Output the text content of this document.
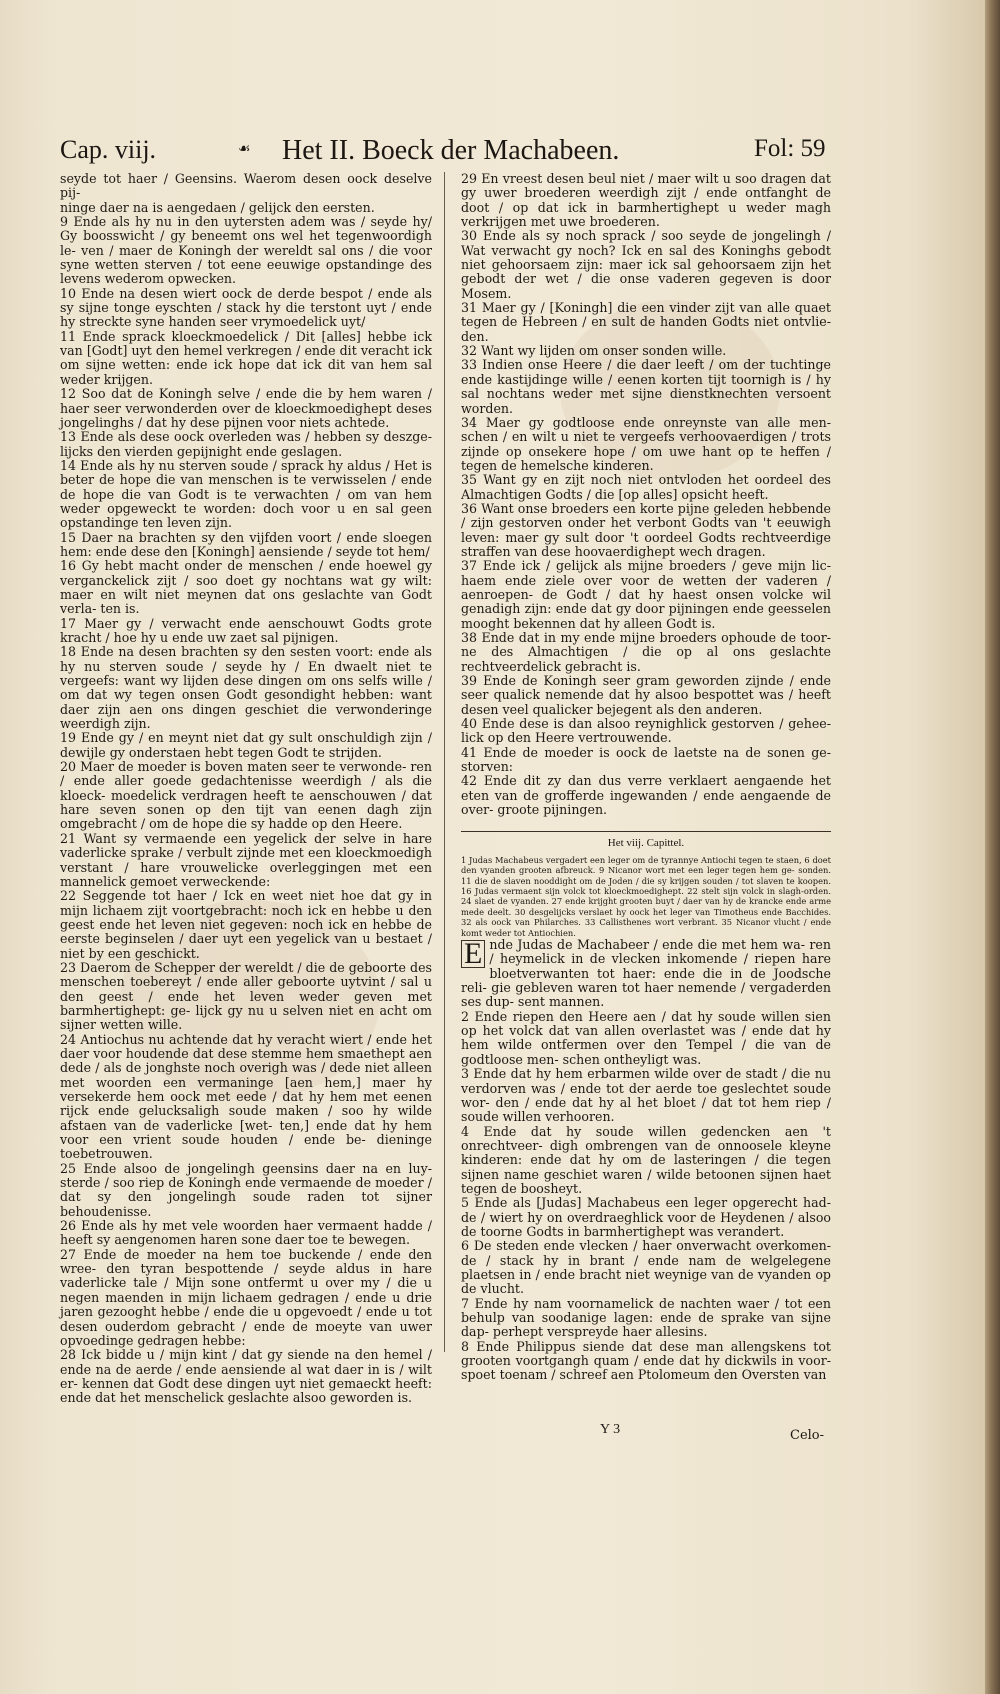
Cap. viij.	☙ Het II. Boeck der Machabeen.	Fol: 59

seyde tot haer / Geensins. Waerom desen oock deselve pij-

ninge daer na is aengedaen / gelijck den eersten.

9 Ende als hy nu in den uytersten adem was / seyde hy/ Gy boosswicht / gy beneemt ons wel het tegenwoordigh le- ven / maer de Koningh der wereldt sal ons / die voor syne wetten sterven / tot eene eeuwige opstandinge des levens wederom opwecken.

10 Ende na desen wiert oock de derde bespot / ende als sy sijne tonge eyschten / stack hy die terstont uyt / ende hy streckte syne handen seer vrymoedelick uyt/

11 Ende sprack kloeckmoedelick / Dit [alles] hebbe ick van [Godt] uyt den hemel verkregen / ende dit veracht ick om sijne wetten: ende ick hope dat ick dit van hem sal weder krijgen.

12 Soo dat de Koningh selve / ende die by hem waren / haer seer verwonderden over de kloeckmoedighept deses jongelinghs / dat hy dese pijnen voor niets achtede.

13 Ende als dese oock overleden was / hebben sy deszge- lijcks den vierden gepijnight ende geslagen.

14 Ende als hy nu sterven soude / sprack hy aldus / Het is beter de hope die van menschen is te verwisselen / ende de hope die van Godt is te verwachten / om van hem weder opgeweckt te worden: doch voor u en sal geen opstandinge ten leven zijn.

15 Daer na brachten sy den vijfden voort / ende sloegen hem: ende dese den [Koningh] aensiende / seyde tot hem/

16 Gy hebt macht onder de menschen / ende hoewel gy verganckelick zijt / soo doet gy nochtans wat gy wilt: maer en wilt niet meynen dat ons geslachte van Godt verla- ten is.

17 Maer gy / verwacht ende aenschouwt Godts grote kracht / hoe hy u ende uw zaet sal pijnigen.

18 Ende na desen brachten sy den sesten voort: ende als hy nu sterven soude / seyde hy / En dwaelt niet te vergeefs: want wy lijden dese dingen om ons selfs wille / om dat wy tegen onsen Godt gesondight hebben: want daer zijn aen ons dingen geschiet die verwonderinge weerdigh zijn.

19 Ende gy / en meynt niet dat gy sult onschuldigh zijn / dewijle gy onderstaen hebt tegen Godt te strijden.

20 Maer de moeder is boven maten seer te verwonde- ren / ende aller goede gedachtenisse weerdigh / als die kloeck- moedelick verdragen heeft te aenschouwen / dat hare seven sonen op den tijt van eenen dagh zijn omgebracht / om de hope die sy hadde op den Heere.

21 Want sy vermaende een yegelick der selve in hare vaderlicke sprake / verbult zijnde met een kloeckmoedigh verstant / hare vrouwelicke overleggingen met een mannelick gemoet verweckende:

22 Seggende tot haer / Ick en weet niet hoe dat gy in mijn lichaem zijt voortgebracht: noch ick en hebbe u den geest ende het leven niet gegeven: noch ick en hebbe de eerste beginselen / daer uyt een yegelick van u bestaet / niet by een geschickt.

23 Daerom de Schepper der wereldt / die de geboorte des menschen toebereyt / ende aller geboorte uytvint / sal u den geest / ende het leven weder geven met barmhertighept: ge- lijck gy nu u selven niet en acht om sijner wetten wille.

24 Antiochus nu achtende dat hy veracht wiert / ende het daer voor houdende dat dese stemme hem smaethept aen dede / als de jonghste noch overigh was / dede niet alleen met woorden een vermaninge [aen hem,] maer hy versekerde hem oock met eede / dat hy hem met eenen rijck ende gelucksaligh soude maken / soo hy wilde afstaen van de vaderlicke [wet- ten,] ende dat hy hem voor een vrient soude houden / ende be- dieninge toebetrouwen.

25 Ende alsoo de jongelingh geensins daer na en luy- sterde / soo riep de Koningh ende vermaende de moeder / dat sy den jongelingh soude raden tot sijner behoudenisse.

26 Ende als hy met vele woorden haer vermaent hadde / heeft sy aengenomen haren sone daer toe te bewegen.

27 Ende de moeder na hem toe buckende / ende den wree- den tyran bespottende / seyde aldus in hare vaderlicke tale / Mijn sone ontfermt u over my / die u negen maenden in mijn lichaem gedragen / ende u drie jaren gezooght hebbe / ende die u opgevoedt / ende u tot desen ouderdom gebracht / ende de moeyte van uwer opvoedinge gedragen hebbe:

28 Ick bidde u / mijn kint / dat gy siende na den hemel / ende na de aerde / ende aensiende al wat daer in is / wilt er- kennen dat Godt dese dingen uyt niet gemaeckt heeft: ende dat het menschelick geslachte alsoo geworden is.

29 En vreest desen beul niet / maer wilt u soo dragen dat gy uwer broederen weerdigh zijt / ende ontfanght de doot / op dat ick in barmhertighept u weder magh verkrijgen met uwe broederen.

30 Ende als sy noch sprack / soo seyde de jongelingh / Wat verwacht gy noch? Ick en sal des Koninghs gebodt niet gehoorsaem zijn: maer ick sal gehoorsaem zijn het gebodt der wet / die onse vaderen gegeven is door Mosem.

31 Maer gy / [Koningh] die een vinder zijt van alle quaet tegen de Hebreen / en sult de handen Godts niet ontvlie- den.

32 Want wy lijden om onser sonden wille.

33 Indien onse Heere / die daer leeft / om der tuchtinge ende kastijdinge wille / eenen korten tijt toornigh is / hy sal nochtans weder met sijne dienstknechten versoent worden.

34 Maer gy godtloose ende onreynste van alle men- schen / en wilt u niet te vergeefs verhoovaerdigen / trots zijnde op onsekere hope / om uwe hant op te heffen / tegen de hemelsche kinderen.

35 Want gy en zijt noch niet ontvloden het oordeel des Almachtigen Godts / die [op alles] opsicht heeft.

36 Want onse broeders een korte pijne geleden hebbende / zijn gestorven onder het verbont Godts van 't eeuwigh leven: maer gy sult door 't oordeel Godts rechtveerdige straffen van dese hoovaerdighept wech dragen.

37 Ende ick / gelijck als mijne broeders / geve mijn lic- haem ende ziele over voor de wetten der vaderen / aenroepen- de Godt / dat hy haest onsen volcke wil genadigh zijn: ende dat gy door pijningen ende geesselen mooght bekennen dat hy alleen Godt is.

38 Ende dat in my ende mijne broeders ophoude de toor- ne des Almachtigen / die op al ons geslachte rechtveerdelick gebracht is.

39 Ende de Koningh seer gram geworden zijnde / ende seer qualick nemende dat hy alsoo bespottet was / heeft desen veel qualicker bejegent als den anderen.

40 Ende dese is dan alsoo reynighlick gestorven / gehee- lick op den Heere vertrouwende.

41 Ende de moeder is oock de laetste na de sonen ge- storven:

42 Ende dit zy dan dus verre verklaert aengaende het eten van de grofferde ingewanden / ende aengaende de over- groote pijningen.

Het viij. Capittel.

1 Judas Machabeus vergadert een leger om de tyrannye Antiochi tegen te staen, 6 doet den vyanden grooten afbreuck. 9 Nicanor wort met een leger tegen hem ge- sonden. 11 die de slaven nooddight om de Joden / die sy krijgen souden / tot slaven te koopen. 16 Judas vermaent sijn volck tot kloeckmoedighept. 22 stelt sijn volck in slagh-orden. 24 slaet de vyanden. 27 ende krijght grooten buyt / daer van hy de krancke ende arme mede deelt. 30 desgelijcks verslaet hy oock het leger van Timotheus ende Bacchides. 32 als oock van Philarches. 33 Callisthenes wort verbrant. 35 Nicanor vlucht / ende komt weder tot Antiochien.

E nde Judas de Machabeer / ende die met hem wa- ren / heymelick in de vlecken inkomende / riepen hare bloetverwanten tot haer: ende die in de Joodsche reli- gie gebleven waren tot haer nemende / vergaderden ses dup- sent mannen.

2 Ende riepen den Heere aen / dat hy soude willen sien op het volck dat van allen overlastet was / ende dat hy hem wilde ontfermen over den Tempel / die van de godtloose men- schen ontheyligt was.

3 Ende dat hy hem erbarmen wilde over de stadt / die nu verdorven was / ende tot der aerde toe geslechtet soude wor- den / ende dat hy al het bloet / dat tot hem riep / soude willen verhooren.

4 Ende dat hy soude willen gedencken aen 't onrechtveer- digh ombrengen van de onnoosele kleyne kinderen: ende dat hy om de lasteringen / die tegen sijnen name geschiet waren / wilde betoonen sijnen haet tegen de boosheyt.

5 Ende als [Judas] Machabeus een leger opgerecht had- de / wiert hy on overdraeghlick voor de Heydenen / alsoo de toorne Godts in barmhertighept was verandert.

6 De steden ende vlecken / haer onverwacht overkomen- de / stack hy in brant / ende nam de welgelegene plaetsen in / ende bracht niet weynige van de vyanden op de vlucht.

7 Ende hy nam voornamelick de nachten waer / tot een behulp van soodanige lagen: ende de sprake van sijne dap- perhept verspreyde haer allesins.

8 Ende Philippus siende dat dese man allengskens tot grooten voortgangh quam / ende dat hy dickwils in voor- spoet toenam / schreef aen Ptolomeum den Oversten van

Y 3	Celo-
